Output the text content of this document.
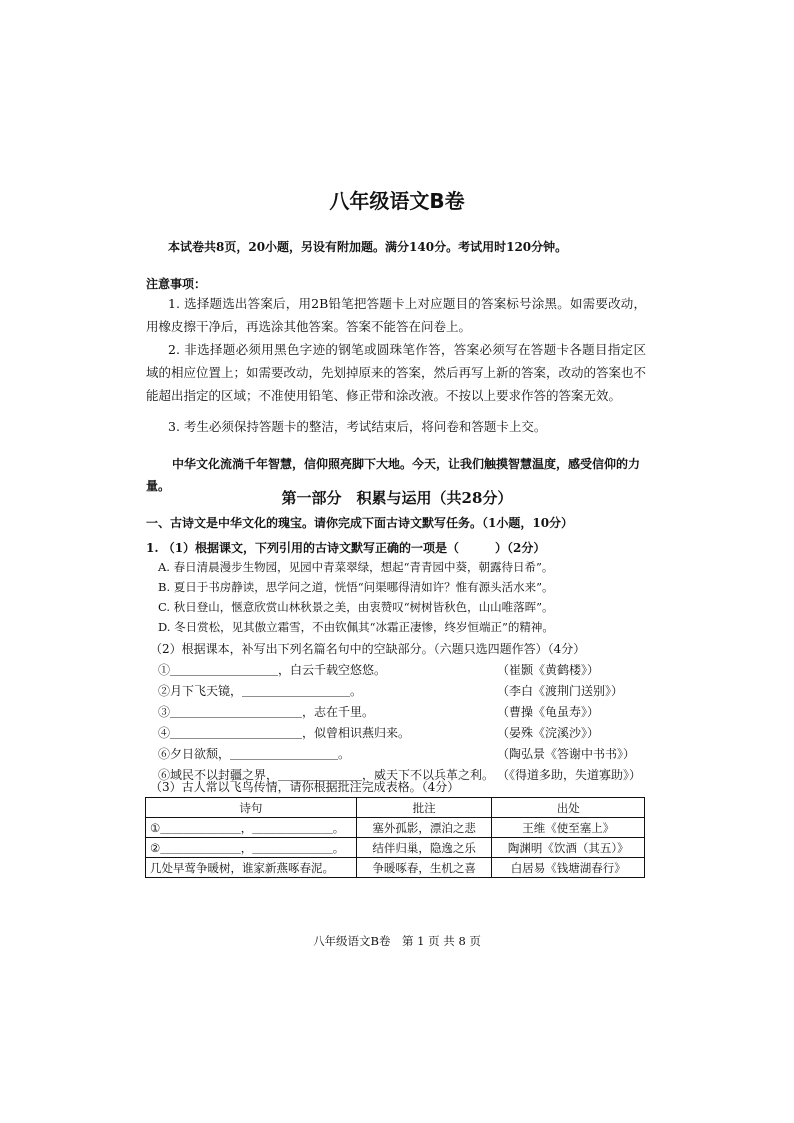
八年级语文B卷
本试卷共8页，20小题，另设有附加题。满分140分。考试用时120分钟。
注意事项：
1. 选择题选出答案后，用2B铅笔把答题卡上对应题目的答案标号涂黑。如需要改动，用橡皮擦干净后，再选涂其他答案。答案不能答在问卷上。
2. 非选择题必须用黑色字迹的钢笔或圆珠笔作答，答案必须写在答题卡各题目指定区域的相应位置上；如需要改动，先划掉原来的答案，然后再写上新的答案，改动的答案也不能超出指定的区域；不准使用铅笔、修正带和涂改液。不按以上要求作答的答案无效。
3. 考生必须保持答题卡的整洁，考试结束后，将问卷和答题卡上交。
中华文化流淌千年智慧，信仰照亮脚下大地。今天，让我们触摸智慧温度，感受信仰的力量。
第一部分　积累与运用（共28分）
一、古诗文是中华文化的瑰宝。请你完成下面古诗文默写任务。（1小题，10分）
1. （1）根据课文，下列引用的古诗文默写正确的一项是（　　　）（2分）
A. 春日清晨漫步生物园，见园中青菜翠绿，想起“青青园中葵，朝露待日希”。
B. 夏日于书房静读，思学问之道，恍悟“问渠哪得清如许？惟有源头活水来”。
C. 秋日登山，惬意欣赏山林秋景之美，由衷赞叹“树树皆秋色，山山唯落晖”。
D. 冬日赏松，见其傲立霜雪，不由钦佩其“冰霜正凄惨，终岁恒端正”的精神。
（2）根据课本，补写出下列名篇名句中的空缺部分。（六题只选四题作答）（4分）
①＿＿＿＿＿＿＿＿＿，白云千载空悠悠。	（崔颢《黄鹤楼》）
②月下飞天镜，＿＿＿＿＿＿＿＿＿。	（李白《渡荆门送别》）
③＿＿＿＿＿＿＿＿＿＿＿，志在千里。	（曹操《龟虽寿》）
④＿＿＿＿＿＿＿＿＿＿＿，似曾相识燕归来。	（晏殊《浣溪沙》）
⑥夕日欲颓，＿＿＿＿＿＿＿＿＿。	（陶弘景《答谢中书书》）
⑥域民不以封疆之界，＿＿＿＿＿＿＿，威天下不以兵革之利。 （《得道多助，失道寡助》）
（3）古人常以飞鸟传情，请你根据批注完成表格。（4分）
诗句	批注	出处
①＿＿＿＿＿＿＿，＿＿＿＿＿＿＿。	塞外孤影，漂泊之悲	王维《使至塞上》
②＿＿＿＿＿＿＿，＿＿＿＿＿＿＿。	结伴归巢，隐逸之乐	陶渊明《饮酒（其五）》
几处早莺争暖树，谁家新燕啄春泥。	争暖啄春，生机之喜	白居易《钱塘湖春行》
八年级语文B卷　第 1 页 共 8 页
